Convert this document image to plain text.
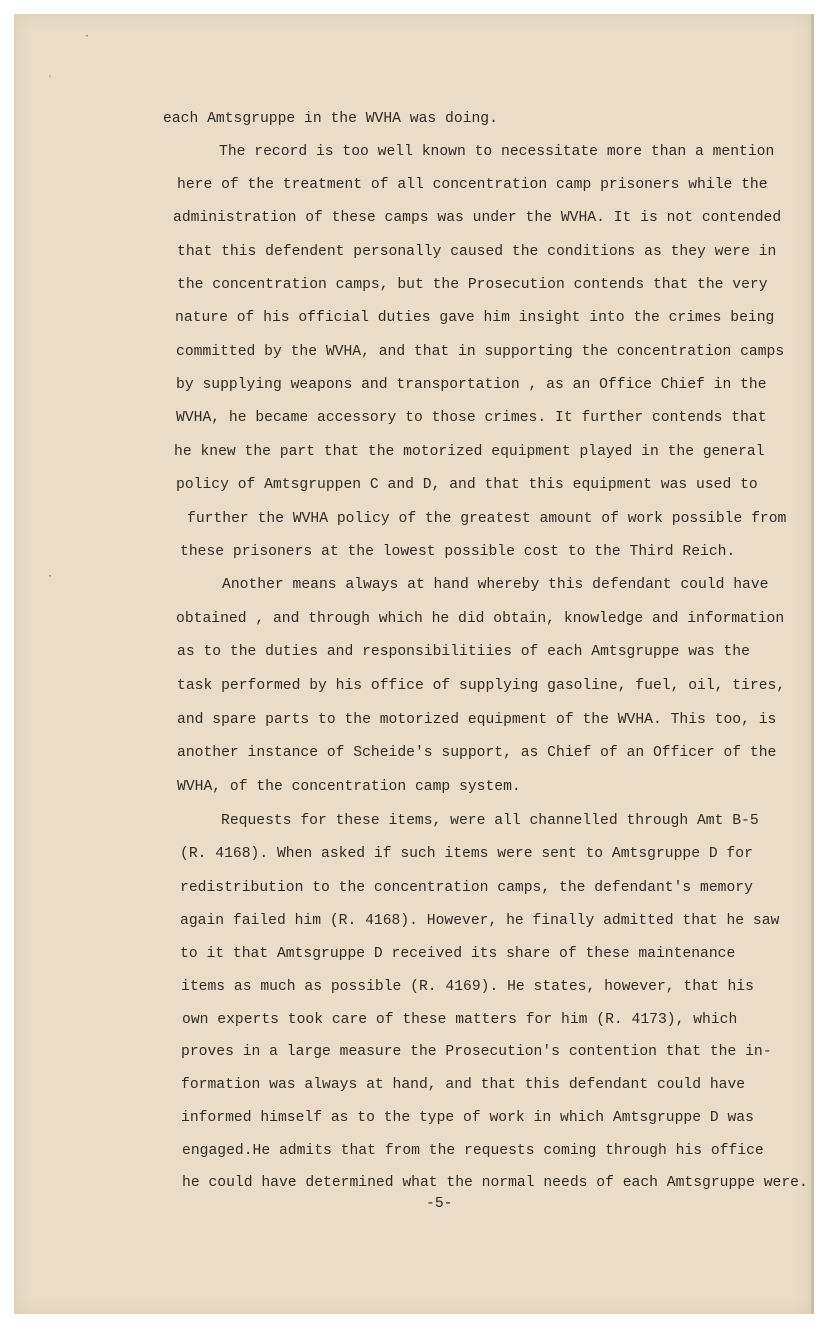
·
ˌ
·

each Amtsgruppe in the WVHA was doing.

The record is too well known to necessitate more than a mention

here of the treatment of all concentration camp prisoners while the

administration of these camps was under the WVHA. It is not contended

that this defendent personally caused the conditions as they were in

the concentration camps, but the Prosecution contends that the very

nature of his official duties gave him insight into the crimes being

committed by the WVHA, and that in supporting the concentration camps

by supplying weapons and transportation , as an Office Chief in the

WVHA, he became accessory to those crimes. It further contends that

he knew the part that the motorized equipment played in the general

policy of Amtsgruppen C and D, and that this equipment was used to

further the WVHA policy of the greatest amount of work possible from

these prisoners at the lowest possible cost to the Third Reich.

Another means always at hand whereby this defendant could have

obtained , and through which he did obtain, knowledge and information

as to the duties and responsibilitiies of each Amtsgruppe was the

task performed by his office of supplying gasoline, fuel, oil, tires,

and spare parts to the motorized equipment of the WVHA. This too, is

another instance of Scheide's support, as Chief of an Officer of the

WVHA, of the concentration camp system.

Requests for these items, were all channelled through Amt B-5

(R. 4168). When asked if such items were sent to Amtsgruppe D for

redistribution to the concentration camps, the defendant's memory

again failed him (R. 4168). However, he finally admitted that he saw

to it that Amtsgruppe D received its share of these maintenance

items as much as possible (R. 4169). He states, however, that his

own experts took care of these matters for him (R. 4173), which

proves in a large measure the Prosecution's contention that the in-

formation was always at hand, and that this defendant could have

informed himself as to the type of work in which Amtsgruppe D was

engaged.He admits that from the requests coming through his office

he could have determined what the normal needs of each Amtsgruppe were.

-5-
